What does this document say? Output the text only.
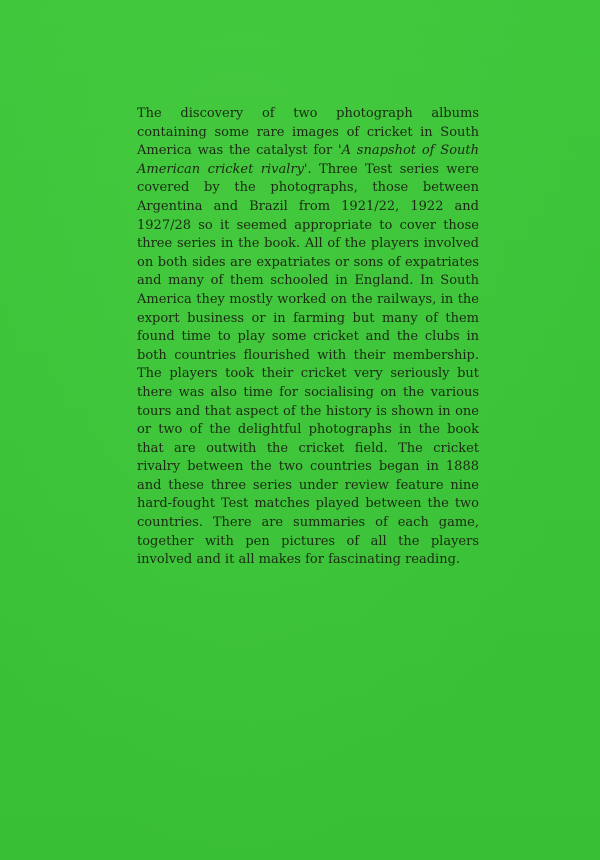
The discovery of two photograph albums containing some rare images of cricket in South America was the catalyst for 'A snapshot of South American cricket rivalry'. Three Test series were covered by the photographs, those between Argentina and Brazil from 1921/22, 1922 and 1927/28 so it seemed appropriate to cover those three series in the book. All of the players involved on both sides are expatriates or sons of expatriates and many of them schooled in England. In South America they mostly worked on the railways, in the export business or in farming but many of them found time to play some cricket and the clubs in both countries flourished with their membership. The players took their cricket very seriously but there was also time for socialising on the various tours and that aspect of the history is shown in one or two of the delightful photographs in the book that are outwith the cricket field. The cricket rivalry between the two countries began in 1888 and these three series under review feature nine hard-fought Test matches played between the two countries. There are summaries of each game, together with pen pictures of all the players involved and it all makes for fascinating reading.
